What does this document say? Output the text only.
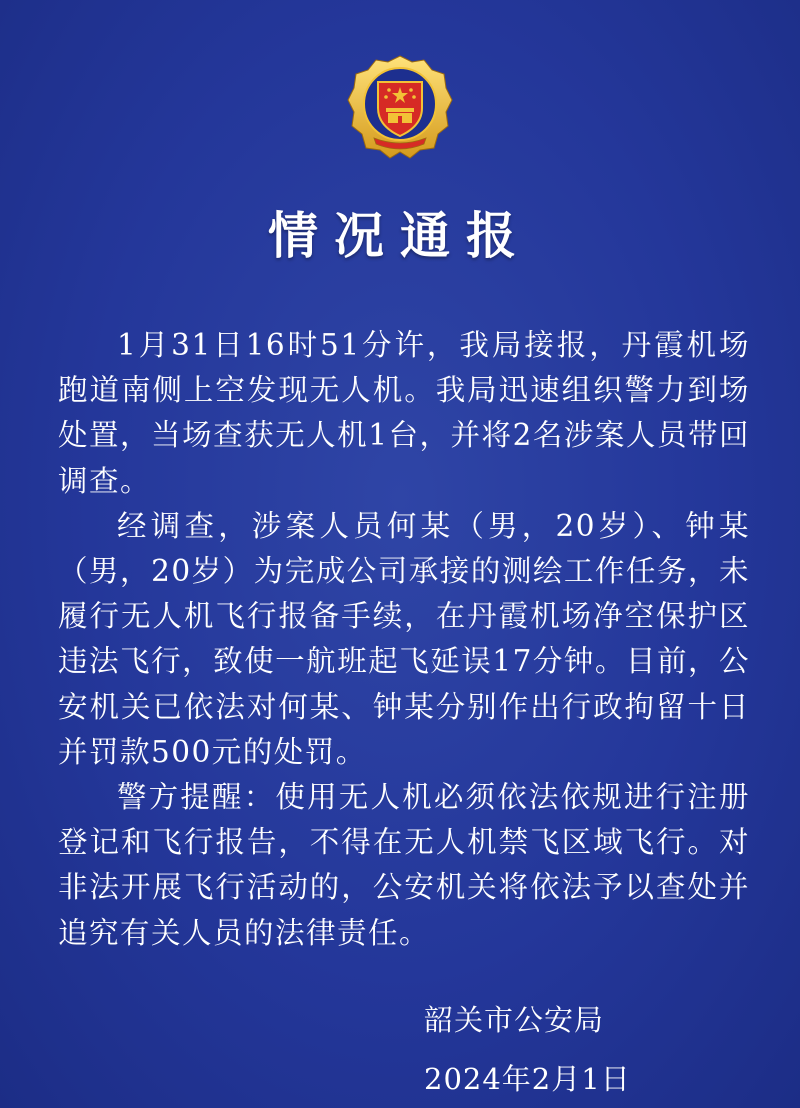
情况通报

1月31日16时51分许，我局接报，丹霞机场跑道南侧上空发现无人机。我局迅速组织警力到场处置，当场查获无人机1台，并将2名涉案人员带回调查。

经调查，涉案人员何某（男，20岁）、钟某（男，20岁）为完成公司承接的测绘工作任务，未履行无人机飞行报备手续，在丹霞机场净空保护区违法飞行，致使一航班起飞延误17分钟。目前，公安机关已依法对何某、钟某分别作出行政拘留十日并罚款500元的处罚。

警方提醒：使用无人机必须依法依规进行注册登记和飞行报告，不得在无人机禁飞区域飞行。对非法开展飞行活动的，公安机关将依法予以查处并追究有关人员的法律责任。

韶关市公安局
2024年2月1日
